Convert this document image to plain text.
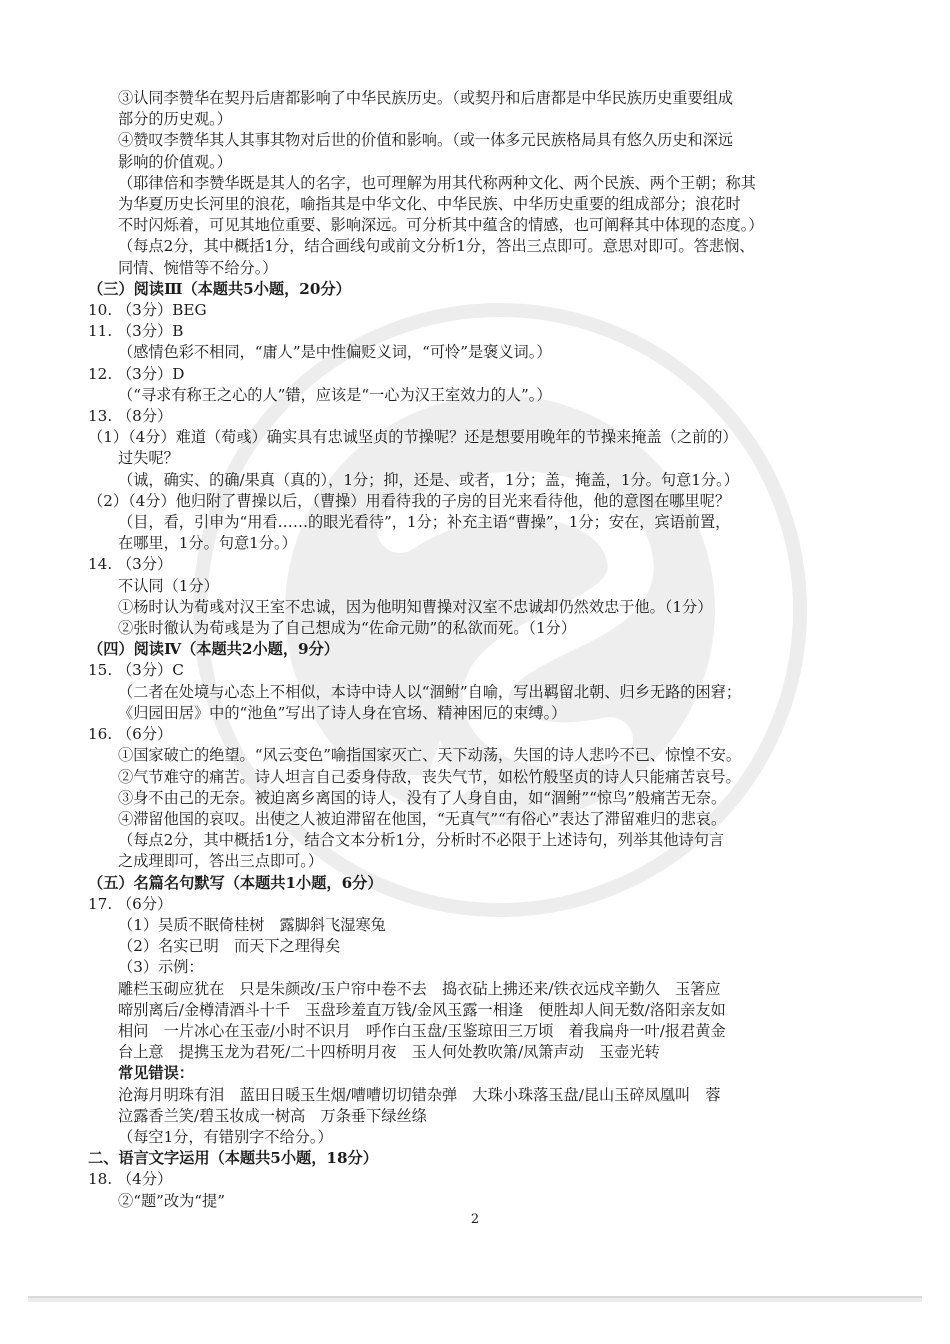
③认同李赞华在契丹后唐都影响了中华民族历史。（或契丹和后唐都是中华民族历史重要组成
部分的历史观。）
④赞叹李赞华其人其事其物对后世的价值和影响。（或一体多元民族格局具有悠久历史和深远
影响的价值观。）
（耶律倍和李赞华既是其人的名字，也可理解为用其代称两种文化、两个民族、两个王朝；称其
为华夏历史长河里的浪花，喻指其是中华文化、中华民族、中华历史重要的组成部分；浪花时
不时闪烁着，可见其地位重要、影响深远。可分析其中蕴含的情感，也可阐释其中体现的态度。）
（每点2分，其中概括1分，结合画线句或前文分析1分，答出三点即可。意思对即可。答悲悯、
同情、惋惜等不给分。）
（三）阅读Ⅲ（本题共5小题，20分）
10. （3分）BEG
11. （3分）B
（感情色彩不相同，“庸人”是中性偏贬义词，“可怜”是褒义词。）
12. （3分）D
（“寻求有称王之心的人”错，应该是“一心为汉王室效力的人”。）
13. （8分）
（1）（4分）难道（荀彧）确实具有忠诚坚贞的节操呢？还是想要用晚年的节操来掩盖（之前的）
过失呢？
（诚，确实、的确/果真（真的），1分；抑，还是、或者，1分；盖，掩盖，1分。句意1分。）
（2）（4分）他归附了曹操以后，（曹操）用看待我的子房的目光来看待他，他的意图在哪里呢？
（目，看，引申为“用看……的眼光看待”，1分；补充主语“曹操”，1分；安在，宾语前置，
在哪里，1分。句意1分。）
14. （3分）
不认同（1分）
①杨时认为荀彧对汉王室不忠诚，因为他明知曹操对汉室不忠诚却仍然效忠于他。（1分）
②张时徹认为荀彧是为了自己想成为“佐命元勋”的私欲而死。（1分）
（四）阅读Ⅳ（本题共2小题，9分）
15. （3分）C
（二者在处境与心态上不相似，本诗中诗人以“涸鲋”自喻，写出羁留北朝、归乡无路的困窘；
《归园田居》中的“池鱼”写出了诗人身在官场、精神困厄的束缚。）
16. （6分）
①国家破亡的绝望。“风云变色”喻指国家灭亡、天下动荡，失国的诗人悲吟不已、惊惶不安。
②气节难守的痛苦。诗人坦言自己委身侍敌，丧失气节，如松竹般坚贞的诗人只能痛苦哀号。
③身不由己的无奈。被迫离乡离国的诗人，没有了人身自由，如“涸鲋”“惊鸟”般痛苦无奈。
④滞留他国的哀叹。出使之人被迫滞留在他国，“无真气”“有俗心”表达了滞留难归的悲哀。
（每点2分，其中概括1分，结合文本分析1分，分析时不必限于上述诗句，列举其他诗句言
之成理即可，答出三点即可。）
（五）名篇名句默写（本题共1小题，6分）
17. （6分）
（1）吴质不眠倚桂树　露脚斜飞湿寒兔
（2）名实已明　而天下之理得矣
（3）示例：
雕栏玉砌应犹在　只是朱颜改/玉户帘中卷不去　捣衣砧上拂还来/铁衣远戍辛勤久　玉箸应
啼别离后/金樽清酒斗十千　玉盘珍羞直万钱/金风玉露一相逢　便胜却人间无数/洛阳亲友如
相问　一片冰心在玉壶/小时不识月　呼作白玉盘/玉鉴琼田三万顷　着我扁舟一叶/报君黄金
台上意　提携玉龙为君死/二十四桥明月夜　玉人何处教吹箫/凤箫声动　玉壶光转
常见错误：
沧海月明珠有泪　蓝田日暖玉生烟/嘈嘈切切错杂弹　大珠小珠落玉盘/昆山玉碎凤凰叫　蓉
泣露香兰笑/碧玉妆成一树高　万条垂下绿丝绦
（每空1分，有错别字不给分。）
二、语言文字运用（本题共5小题，18分）
18. （4分）
②“题”改为“提”
2
